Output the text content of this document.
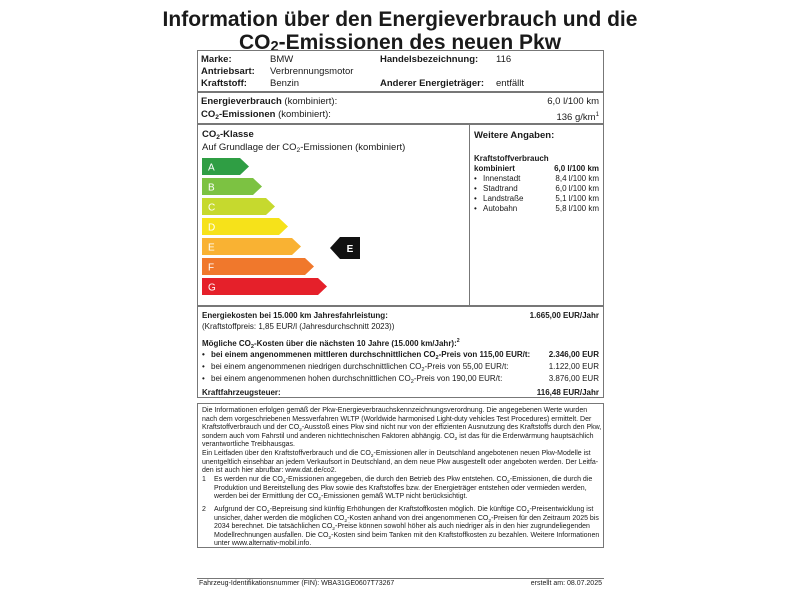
Information über den Energieverbrauch und die
CO2-Emissionen des neuen Pkw
Marke:	BMW
Antriebsart: Verbrennungsmotor
Kraftstoff: Benzin
Handelsbezeichnung: 116
Anderer Energieträger: entfällt
Energieverbrauch (kombiniert):	6,0 l/100 km
$CO_2$-Emissionen (kombiniert):	136 $g/km^1$
$CO_2$-Klasse
Auf Grundlage der $CO_2$-Emissionen (kombiniert)
Weitere Angaben:
Kraftstoffverbrauch
kombiniert	6,0 l/100 km
• Innenstadt	8,4 l/100 km
• Stadtrand	6,0 l/100 km
• Landstraße	5,1 l/100 km
• Autobahn	5,8 l/100 km
A
B
C
D
E
F
G
E
Energiekosten bei 15.000 km Jahresfahrleistung:	1.665,00 EUR/Jahr
(Kraftstoffpreis: 1,85 EUR/l (Jahresdurchschnitt 2023))
Mögliche $CO_2$-Kosten über die nächsten 10 Jahre (15.000 km/Jahr):$^2$
• bei einem angenommenen mittleren durchschnittlichen $CO_2$-Preis von 115,00 EUR/t: 2.346,00 EUR
• bei einem angenommenen niedrigen durchschnittlichen $CO_2$-Preis von 55,00 EUR/t:	1.122,00 EUR
• bei einem angenommenen hohen durchschnittlichen $CO_2$-Preis von 190,00 EUR/t:	3.876,00 EUR
Kraftfahrzeugsteuer:	116,48 EUR/Jahr
Die Informationen erfolgen gemäß der Pkw-Energieverbrauchskennzeichnungsverordnung. Die angegebenen Werte wurden
nach dem vorgeschriebenen Messverfahren WLTP (Worldwide harmonised Light-duty vehicles Test Procedures) ermittelt. Der
Kraftstoffverbrauch und der $CO_2$-Ausstoß eines Pkw sind nicht nur von der effizienten Ausnutzung des Kraftstoffs durch den Pkw,
sondern auch vom Fahrstil und anderen nichttechnischen Faktoren abhängig. $CO_2$ ist das für die Erderwärmung hauptsächlich
verantwortliche Treibhausgas.
Ein Leitfaden über den Kraftstoffverbrauch und die $CO_2$-Emissionen aller in Deutschland angebotenen neuen Pkw-Modelle ist
unentgeltlich einsehbar an jedem Verkaufsort in Deutschland, an dem neue Pkw ausgestellt oder angeboten werden. Der Leitfa-
den ist auch hier abrufbar: www.dat.de/co2.
1 Es werden nur die $CO_2$-Emissionen angegeben, die durch den Betrieb des Pkw entstehen. $CO_2$-Emissionen, die durch die
Produktion und Bereitstellung des Pkw sowie des Kraftstoffes bzw. der Energieträger entstehen oder vermieden werden,
werden bei der Ermittlung der $CO_2$-Emissionen gemäß WLTP nicht berücksichtigt.
2 Aufgrund der $CO_2$-Bepreisung sind künftig Erhöhungen der Kraftstoffkosten möglich. Die künftige $CO_2$-Preisentwicklung ist
unsicher, daher werden die möglichen $CO_2$-Kosten anhand von drei angenommenen $CO_2$-Preisen für den Zeitraum 2025 bis
2034 berechnet. Die tatsächlichen $CO_2$-Preise können sowohl höher als auch niedriger als in den hier zugrundeliegenden
Modellrechnungen ausfallen. Die $CO_2$-Kosten sind beim Tanken mit den Kraftstoffkosten zu bezahlen. Weitere Informationen
unter www.alternativ-mobil.info.
Fahrzeug-Identifikationsnummer (FIN): WBA31GE0607T73267	erstellt am: 08.07.2025
